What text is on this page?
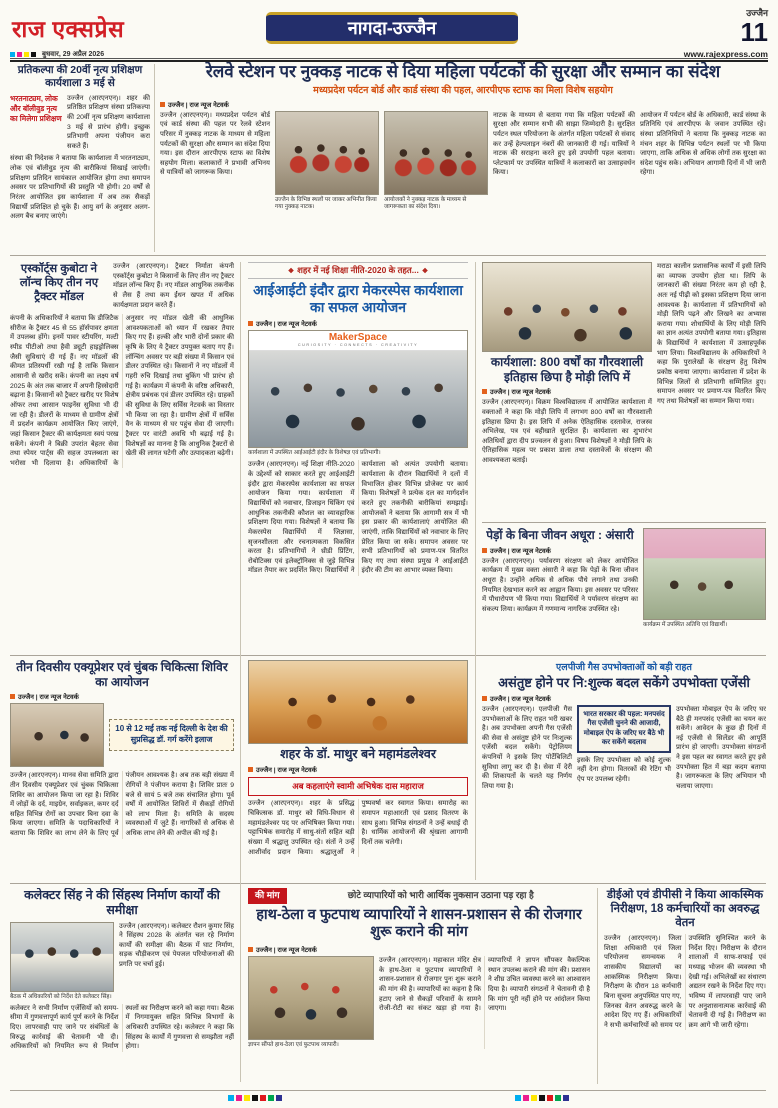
राज एक्सप्रेस	नागदा-उज्जैन
उज्जैन
11
बुधवार, 29 अप्रैल 2026	www.rajexpress.com
प्रतिकल्पा की 20वीं नृत्य प्रशिक्षण कार्यशाला 3 मई से
भरतनाट्यम, लोक और बॉलीवुड नृत्य का मिलेगा प्रशिक्षण
उज्जैन (आरएनएन)। शहर की प्रतिष्ठित प्रशिक्षण संस्था प्रतिकल्पा की 20वीं नृत्य प्रशिक्षण कार्यशाला 3 मई से प्रारंभ होगी। इच्छुक प्रतिभागी अपना पंजीयन करा सकते हैं।
संस्था की निदेशक ने बताया कि कार्यशाला में भरतनाट्यम, लोक एवं बॉलीवुड नृत्य की बारीकियां सिखाई जाएंगी। प्रशिक्षण प्रतिदिन सायंकाल आयोजित होगा तथा समापन अवसर पर प्रतिभागियों की प्रस्तुति भी होगी। 20 वर्षों से निरंतर आयोजित इस कार्यशाला में अब तक सैकड़ों विद्यार्थी प्रशिक्षित हो चुके हैं। आयु वर्ग के अनुसार अलग-अलग बैच बनाए जाएंगे।
रेलवे स्टेशन पर नुक्कड़ नाटक से दिया महिला पर्यटकों की सुरक्षा और सम्मान का संदेश
मध्यप्रदेश पर्यटन बोर्ड और कार्ड संस्था की पहल, आरपीएफ स्टाफ का मिला विशेष सहयोग
उज्जैन | राज न्यूज नेटवर्क
उज्जैन (आरएनएन)। मध्यप्रदेश पर्यटन बोर्ड एवं कार्ड संस्था की पहल पर रेलवे स्टेशन परिसर में नुक्कड़ नाटक के माध्यम से महिला पर्यटकों की सुरक्षा और सम्मान का संदेश दिया गया। इस दौरान आरपीएफ स्टाफ का विशेष सहयोग मिला। कलाकारों ने प्रभावी अभिनय से यात्रियों को जागरूक किया।
उज्जैन के विभिन्न स्थलों पर जाकर अभिनीत किया गया नुक्कड़ नाटक।
आयोजकों ने नुक्कड़ नाटक के माध्यम से जागरूकता का संदेश दिया।
नाटक के माध्यम से बताया गया कि महिला पर्यटकों की सुरक्षा और सम्मान सभी की साझा जिम्मेदारी है। सुरक्षित पर्यटन स्थल परियोजना के अंतर्गत महिला पर्यटकों से संवाद कर उन्हें हेल्पलाइन नंबरों की जानकारी दी गई। यात्रियों ने नाटक की सराहना करते हुए इसे उपयोगी पहल बताया। प्लेटफार्म पर उपस्थित यात्रियों ने कलाकारों का उत्साहवर्धन किया।
आयोजन में पर्यटन बोर्ड के अधिकारी, कार्ड संस्था के प्रतिनिधि एवं आरपीएफ के जवान उपस्थित रहे। संस्था प्रतिनिधियों ने बताया कि नुक्कड़ नाटक का मंचन शहर के विभिन्न पर्यटन स्थलों पर भी किया जाएगा, ताकि अधिक से अधिक लोगों तक सुरक्षा का संदेश पहुंच सके। अभियान आगामी दिनों में भी जारी रहेगा।
एस्कॉर्ट्स कुबोटा ने लॉन्च किए तीन नए ट्रैक्टर मॉडल
उज्जैन (आरएनएन)। ट्रैक्टर निर्माता कंपनी एस्कॉर्ट्स कुबोटा ने किसानों के लिए तीन नए ट्रैक्टर मॉडल लॉन्च किए हैं। नए मॉडल आधुनिक तकनीक से लैस हैं तथा कम ईंधन खपत में अधिक कार्यक्षमता प्रदान करते हैं।
कंपनी के अधिकारियों ने बताया कि डीजिटैक सीरीज के ट्रैक्टर 45 से 55 हॉर्सपावर क्षमता में उपलब्ध होंगे। इनमें पावर स्टीयरिंग, मल्टी स्पीड पीटीओ तथा हैवी ड्यूटी हाइड्रोलिक्स जैसी सुविधाएं दी गई हैं। नए मॉडलों की कीमत प्रतिस्पर्धी रखी गई है ताकि किसान आसानी से खरीद सकें। कंपनी का लक्ष्य वर्ष 2025 के अंत तक बाजार में अपनी हिस्सेदारी बढ़ाना है। किसानों को ट्रैक्टर खरीद पर विशेष ऑफर तथा आसान फाइनेंस सुविधा भी दी जा रही है। डीलरों के माध्यम से ग्रामीण क्षेत्रों में प्रदर्शन कार्यक्रम आयोजित किए जाएंगे, जहां किसान ट्रैक्टर की कार्यक्षमता स्वयं परख सकेंगे। कंपनी ने बिक्री उपरांत बेहतर सेवा तथा स्पेयर पार्ट्स की सहज उपलब्धता का भरोसा भी दिलाया है। अधिकारियों के अनुसार नए मॉडल खेती की आधुनिक आवश्यकताओं को ध्यान में रखकर तैयार किए गए हैं। हल्की और भारी दोनों प्रकार की कृषि के लिए ये ट्रैक्टर उपयुक्त बताए गए हैं। लॉन्चिंग अवसर पर बड़ी संख्या में किसान एवं डीलर उपस्थित रहे। किसानों ने नए मॉडलों में गहरी रुचि दिखाई तथा बुकिंग भी प्रारंभ हो गई है। कार्यक्रम में कंपनी के वरिष्ठ अधिकारी, क्षेत्रीय प्रबंधक एवं डीलर उपस्थित रहे। ग्राहकों की सुविधा के लिए सर्विस नेटवर्क का विस्तार भी किया जा रहा है। ग्रामीण क्षेत्रों में सर्विस वैन के माध्यम से घर पहुंच सेवा दी जाएगी। ट्रैक्टर पर वारंटी अवधि भी बढ़ाई गई है। विशेषज्ञों का मानना है कि आधुनिक ट्रैक्टरों से खेती की लागत घटेगी और उत्पादकता बढ़ेगी।
❖ शहर में नई शिक्षा नीति-2020 के तहत...❖
आईआईटी इंदौर द्वारा मेकरस्पेस कार्यशाला का सफल आयोजन
उज्जैन | राज न्यूज नेटवर्क
MakerSpace
CURIOSITY · CONNECTS · CREATIVITY
कार्यशाला में उपस्थित आईआईटी इंदौर के विशेषज्ञ एवं प्रतिभागी।
उज्जैन (आरएनएन)। नई शिक्षा नीति-2020 के उद्देश्यों को साकार करते हुए आईआईटी इंदौर द्वारा मेकरस्पेस कार्यशाला का सफल आयोजन किया गया। कार्यशाला में विद्यार्थियों को नवाचार, डिजाइन थिंकिंग एवं आधुनिक तकनीकी कौशल का व्यावहारिक प्रशिक्षण दिया गया। विशेषज्ञों ने बताया कि मेकरस्पेस विद्यार्थियों में जिज्ञासा, सृजनशीलता और रचनात्मकता विकसित करता है। प्रतिभागियों ने थ्रीडी प्रिंटिंग, रोबोटिक्स एवं इलेक्ट्रॉनिक्स से जुड़े विभिन्न मॉडल तैयार कर प्रदर्शित किए। विद्यार्थियों ने कार्यशाला को अत्यंत उपयोगी बताया। कार्यशाला के दौरान विद्यार्थियों ने दलों में विभाजित होकर विभिन्न प्रोजेक्ट पर कार्य किया। विशेषज्ञों ने प्रत्येक दल का मार्गदर्शन करते हुए तकनीकी बारीकियां समझाईं। आयोजकों ने बताया कि आगामी सत्र में भी इस प्रकार की कार्यशालाएं आयोजित की जाएंगी, ताकि विद्यार्थियों को नवाचार के लिए प्रेरित किया जा सके। समापन अवसर पर सभी प्रतिभागियों को प्रमाण-पत्र वितरित किए गए तथा संस्था प्रमुख ने आईआईटी इंदौर की टीम का आभार व्यक्त किया।
कार्यशाला: 800 वर्षों का गौरवशाली इतिहास छिपा है मोड़ी लिपि में
उज्जैन | राज न्यूज नेटवर्क
उज्जैन (आरएनएन)। विक्रम विश्वविद्यालय में आयोजित कार्यशाला में वक्ताओं ने कहा कि मोड़ी लिपि में लगभग 800 वर्षों का गौरवशाली इतिहास छिपा है। इस लिपि में अनेक ऐतिहासिक दस्तावेज, राजस्व अभिलेख, पत्र एवं बहीखाते सुरक्षित हैं। कार्यशाला का शुभारंभ अतिथियों द्वारा दीप प्रज्वलन से हुआ। विषय विशेषज्ञों ने मोड़ी लिपि के ऐतिहासिक महत्व पर प्रकाश डाला तथा दस्तावेजों के संरक्षण की आवश्यकता बताई।
मराठा कालीन प्रशासनिक कार्यों में इसी लिपि का व्यापक उपयोग होता था। लिपि के जानकारों की संख्या निरंतर कम हो रही है, अतः नई पीढ़ी को इसका प्रशिक्षण दिया जाना आवश्यक है। कार्यशाला में प्रतिभागियों को मोड़ी लिपि पढ़ने और लिखने का अभ्यास कराया गया। शोधार्थियों के लिए मोड़ी लिपि का ज्ञान अत्यंत उपयोगी बताया गया। इतिहास के विद्यार्थियों ने कार्यशाला में उत्साहपूर्वक भाग लिया। विश्वविद्यालय के अधिकारियों ने कहा कि पुरालेखों के संरक्षण हेतु विशेष प्रकोष्ठ बनाया जाएगा। कार्यशाला में प्रदेश के विभिन्न जिलों से प्रतिभागी सम्मिलित हुए। समापन अवसर पर प्रमाण-पत्र वितरित किए गए तथा विशेषज्ञों का सम्मान किया गया।
पेड़ों के बिना जीवन अधूरा : अंसारी
उज्जैन | राज न्यूज नेटवर्क
उज्जैन (आरएनएन)। पर्यावरण संरक्षण को लेकर आयोजित कार्यक्रम में मुख्य वक्ता अंसारी ने कहा कि पेड़ों के बिना जीवन अधूरा है। उन्होंने अधिक से अधिक पौधे लगाने तथा उनकी नियमित देखभाल करने का आह्वान किया। इस अवसर पर परिसर में पौधारोपण भी किया गया। विद्यार्थियों ने पर्यावरण संरक्षण का संकल्प लिया। कार्यक्रम में गणमान्य नागरिक उपस्थित रहे।
कार्यक्रम में उपस्थित अतिथि एवं विद्यार्थी।
तीन दिवसीय एक्यूप्रेशर एवं चुंबक चिकित्सा शिविर का आयोजन
उज्जैन | राज न्यूज नेटवर्क
10 से 12 मई तक नई दिल्ली के देश की सुप्रसिद्ध डॉ. गर्ग करेंगे इलाज
उज्जैन (आरएनएन)। मानव सेवा समिति द्वारा तीन दिवसीय एक्यूप्रेशर एवं चुंबक चिकित्सा शिविर का आयोजन किया जा रहा है। शिविर में जोड़ों के दर्द, माइग्रेन, सर्वाइकल, कमर दर्द सहित विभिन्न रोगों का उपचार बिना दवा के किया जाएगा। समिति के पदाधिकारियों ने बताया कि शिविर का लाभ लेने के लिए पूर्व पंजीयन आवश्यक है। अब तक बड़ी संख्या में रोगियों ने पंजीयन कराया है। शिविर प्रातः 9 बजे से सायं 5 बजे तक संचालित होगा। पूर्व वर्षों में आयोजित शिविरों में सैकड़ों रोगियों को लाभ मिला है। समिति के सदस्य व्यवस्थाओं में जुटे हैं। नागरिकों से अधिक से अधिक लाभ लेने की अपील की गई है।
शहर के डॉ. माथुर बने महामंडलेश्वर
उज्जैन | राज न्यूज नेटवर्क
अब कहलाएंगे स्वामी अभिषेक दास महाराज
उज्जैन (आरएनएन)। शहर के प्रसिद्ध चिकित्सक डॉ. माथुर को विधि-विधान से महामंडलेश्वर पद पर अभिषिक्त किया गया। पट्टाभिषेक समारोह में साधु-संतों सहित बड़ी संख्या में श्रद्धालु उपस्थित रहे। संतों ने उन्हें आशीर्वाद प्रदान किया। श्रद्धालुओं ने पुष्पवर्षा कर स्वागत किया। समारोह का समापन महाआरती एवं प्रसाद वितरण के साथ हुआ। विभिन्न संगठनों ने उन्हें बधाई दी है। धार्मिक आयोजनों की श्रृंखला आगामी दिनों तक चलेगी।
एलपीजी गैस उपभोक्ताओं को बड़ी राहत
असंतुष्ट होने पर नि:शुल्क बदल सकेंगे उपभोक्ता एजेंसी
उज्जैन | राज न्यूज नेटवर्क
उज्जैन (आरएनएन)। एलपीजी गैस उपभोक्ताओं के लिए राहत भरी खबर है। अब उपभोक्ता अपनी गैस एजेंसी की सेवा से असंतुष्ट होने पर निःशुल्क एजेंसी बदल सकेंगे। पेट्रोलियम कंपनियों ने इसके लिए पोर्टेबिलिटी सुविधा लागू कर दी है। सेवा में देरी की शिकायतों के चलते यह निर्णय लिया गया है।
भारत सरकार की पहल: मनपसंद गैस एजेंसी चुनने की आजादी, मोबाइल ऐप के जरिए घर बैठे भी कर सकेंगे बदलाव
इसके लिए उपभोक्ता को कोई शुल्क नहीं देना होगा। वितरकों की रेटिंग भी ऐप पर उपलब्ध रहेगी।
उपभोक्ता मोबाइल ऐप के जरिए घर बैठे ही मनपसंद एजेंसी का चयन कर सकेंगे। आवेदन के कुछ ही दिनों में नई एजेंसी से सिलेंडर की आपूर्ति प्रारंभ हो जाएगी। उपभोक्ता संगठनों ने इस पहल का स्वागत करते हुए इसे उपभोक्ता हित में बड़ा कदम बताया है। जागरूकता के लिए अभियान भी चलाया जाएगा।
कलेक्टर सिंह ने की सिंहस्थ निर्माण कार्यों की समीक्षा
बैठक में अधिकारियों को निर्देश देते कलेक्टर सिंह।
उज्जैन (आरएनएन)। कलेक्टर रौशन कुमार सिंह ने सिंहस्थ 2028 के अंतर्गत चल रहे निर्माण कार्यों की समीक्षा की। बैठक में घाट निर्माण, सड़क चौड़ीकरण एवं पेयजल परियोजनाओं की प्रगति पर चर्चा हुई।
कलेक्टर ने सभी निर्माण एजेंसियों को समय-सीमा में गुणवत्तापूर्ण कार्य पूर्ण करने के निर्देश दिए। लापरवाही पाए जाने पर संबंधितों के विरुद्ध कार्रवाई की चेतावनी भी दी। अधिकारियों को नियमित रूप से निर्माण स्थलों का निरीक्षण करने को कहा गया। बैठक में निगमायुक्त सहित विभिन्न विभागों के अधिकारी उपस्थित रहे। कलेक्टर ने कहा कि सिंहस्थ के कार्यों में गुणवत्ता से समझौता नहीं होगा।
की मांग	छोटे व्यापारियों को भारी आर्थिक नुकसान उठाना पड़ रहा है
हाथ-ठेला व फुटपाथ व्यापारियों ने शासन-प्रशासन से की रोजगार शुरू कराने की मांग
उज्जैन | राज न्यूज नेटवर्क
ज्ञापन सौंपते हाथ-ठेला एवं फुटपाथ व्यापारी।
उज्जैन (आरएनएन)। महाकाल मंदिर क्षेत्र के हाथ-ठेला व फुटपाथ व्यापारियों ने शासन-प्रशासन से रोजगार पुनः शुरू कराने की मांग की है। व्यापारियों का कहना है कि हटाए जाने से सैकड़ों परिवारों के सामने रोजी-रोटी का संकट खड़ा हो गया है। व्यापारियों ने ज्ञापन सौंपकर वैकल्पिक स्थान उपलब्ध कराने की मांग की। प्रशासन ने शीघ्र उचित व्यवस्था करने का आश्वासन दिया है। व्यापारी संगठनों ने चेतावनी दी है कि मांग पूरी नहीं होने पर आंदोलन किया जाएगा।
डीईओ एवं डीपीसी ने किया आकस्मिक निरीक्षण, 18 कर्मचारियों का अवरुद्ध वेतन
उज्जैन (आरएनएन)। जिला शिक्षा अधिकारी एवं जिला परियोजना समन्वयक ने शासकीय विद्यालयों का आकस्मिक निरीक्षण किया। निरीक्षण के दौरान 18 कर्मचारी बिना सूचना अनुपस्थित पाए गए, जिनका वेतन अवरुद्ध करने के आदेश दिए गए हैं। अधिकारियों ने सभी कर्मचारियों को समय पर उपस्थिति सुनिश्चित करने के निर्देश दिए। निरीक्षण के दौरान शालाओं में साफ-सफाई एवं मध्याह्न भोजन की व्यवस्था भी देखी गई। अभिलेखों का संधारण अद्यतन रखने के निर्देश दिए गए। भविष्य में लापरवाही पाए जाने पर अनुशासनात्मक कार्रवाई की चेतावनी दी गई है। निरीक्षण का क्रम आगे भी जारी रहेगा।
